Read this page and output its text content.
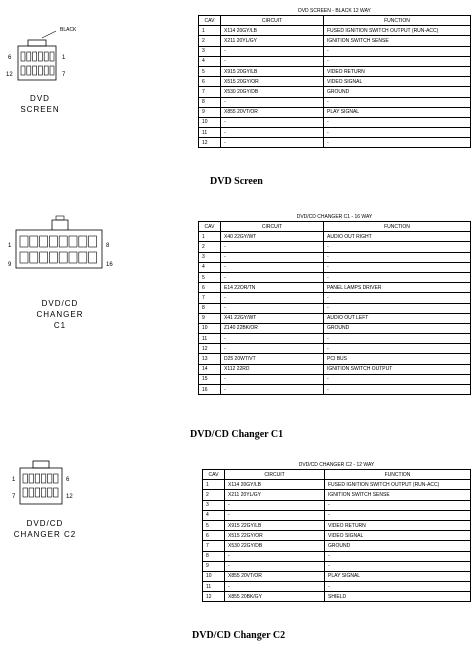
6
12
1
7
BLACK
DVD
SCREEN
DVD SCREEN - BLACK 12 WAY
CAV	CIRCUIT	FUNCTION
1	X114 20GY/LB	FUSED IGNITION SWITCH OUTPUT (RUN-ACC)
2	X211 20YL/GY	IGNITION SWITCH SENSE
3	-	-
4	-	-
5	X915 20GY/LB	VIDEO RETURN
6	X515 20GY/OR	VIDEO SIGNAL
7	X530 20GY/DB	GROUND
8	-	-
9	X855 20VT/OR	PLAY SIGNAL
10	-	-
11	-	-
12	-	-
DVD Screen
1
9
8
16
DVD/CD
CHANGER
C1
DVD/CD CHANGER C1 - 16 WAY
CAV	CIRCUIT	FUNCTION
1	X40 22GY/WT	AUDIO OUT RIGHT
2	-	-
3	-	-
4	-	-
5	-	-
6	E14 22OR/TN	PANEL LAMPS DRIVER
7	-	-
8	-	-
9	X41 22GY/WT	AUDIO OUT LEFT
10	Z140 22BK/OR	GROUND
11	-	-
12	-	-
13	D25 20WT/VT	PCI BUS
14	X112 22RD	IGNITION SWITCH OUTPUT
15	-	-
16	-	-
DVD/CD Changer C1
1
7
6
12
DVD/CD
CHANGER C2
DVD/CD CHANGER C2 - 12 WAY
CAV	CIRCUIT	FUNCTION
1	X114 20GY/LB	FUSED IGNITION SWITCH OUTPUT (RUN-ACC)
2	X211 20YL/GY	IGNITION SWITCH SENSE
3	-	-
4	-	-
5	X915 22GY/LB	VIDEO RETURN
6	X515 22GY/OR	VIDEO SIGNAL
7	X530 22GY/DB	GROUND
8	-	-
9	-	-
10	X855 20VT/OR	PLAY SIGNAL
11	-	-
12	X855 20BK/GY	SHIELD
DVD/CD Changer C2
